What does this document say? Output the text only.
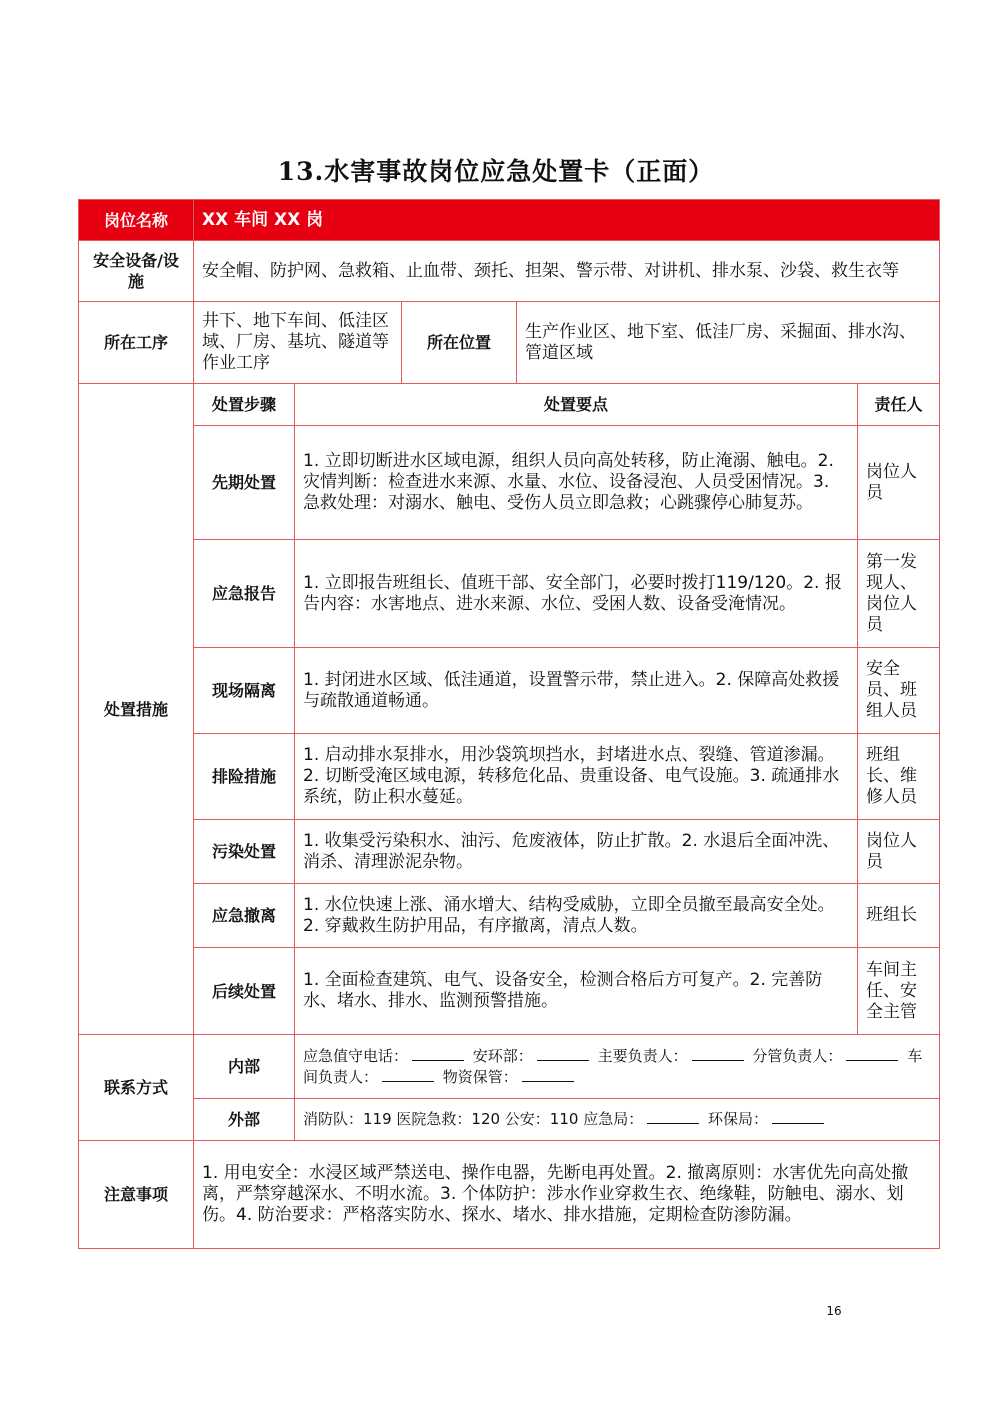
13.水害事故岗位应急处置卡（正面）
岗位名称	XX 车间 XX 岗				
安全设备/设施	安全帽、防护网、急救箱、止血带、颈托、担架、警示带、对讲机、排水泵、沙袋、救生衣等				
所在工序	井下、地下车间、低洼区域、厂房、基坑、隧道等作业工序		所在位置	生产作业区、地下室、低洼厂房、采掘面、排水沟、管道区域	
处置措施	处置步骤	处置要点			责任人
	先期处置	1. 立即切断进水区域电源，组织人员向高处转移，防止淹溺、触电。2. 灾情判断：检查进水来源、水量、水位、设备浸泡、人员受困情况。3. 急救处理：对溺水、触电、受伤人员立即急救；心跳骤停心肺复苏。			岗位人员
	应急报告	1. 立即报告班组长、值班干部、安全部门，必要时拨打119/120。2. 报告内容：水害地点、进水来源、水位、受困人数、设备受淹情况。			第一发现人、岗位人员
	现场隔离	1. 封闭进水区域、低洼通道，设置警示带，禁止进入。2. 保障高处救援与疏散通道畅通。			安全员、班组人员
	排险措施	1. 启动排水泵排水，用沙袋筑坝挡水，封堵进水点、裂缝、管道渗漏。2. 切断受淹区域电源，转移危化品、贵重设备、电气设施。3. 疏通排水系统，防止积水蔓延。			班组长、维修人员
	污染处置	1. 收集受污染积水、油污、危废液体，防止扩散。2. 水退后全面冲洗、消杀、清理淤泥杂物。			岗位人员
	应急撤离	1. 水位快速上涨、涌水增大、结构受威胁，立即全员撤至最高安全处。2. 穿戴救生防护用品，有序撤离，清点人数。			班组长
	后续处置	1. 全面检查建筑、电气、设备安全，检测合格后方可复产。2. 完善防水、堵水、排水、监测预警措施。			车间主任、安全主管
联系方式	内部	应急值守电话： 安环部： 主要负责人： 分管负责人： 车间负责人： 物资保管：			
	外部	消防队：119 医院急救：120 公安：110 应急局： 环保局：			
注意事项	1. 用电安全：水浸区域严禁送电、操作电器，先断电再处置。2. 撤离原则：水害优先向高处撤离，严禁穿越深水、不明水流。3. 个体防护：涉水作业穿救生衣、绝缘鞋，防触电、溺水、划伤。4. 防治要求：严格落实防水、探水、堵水、排水措施，定期检查防渗防漏。				
16
